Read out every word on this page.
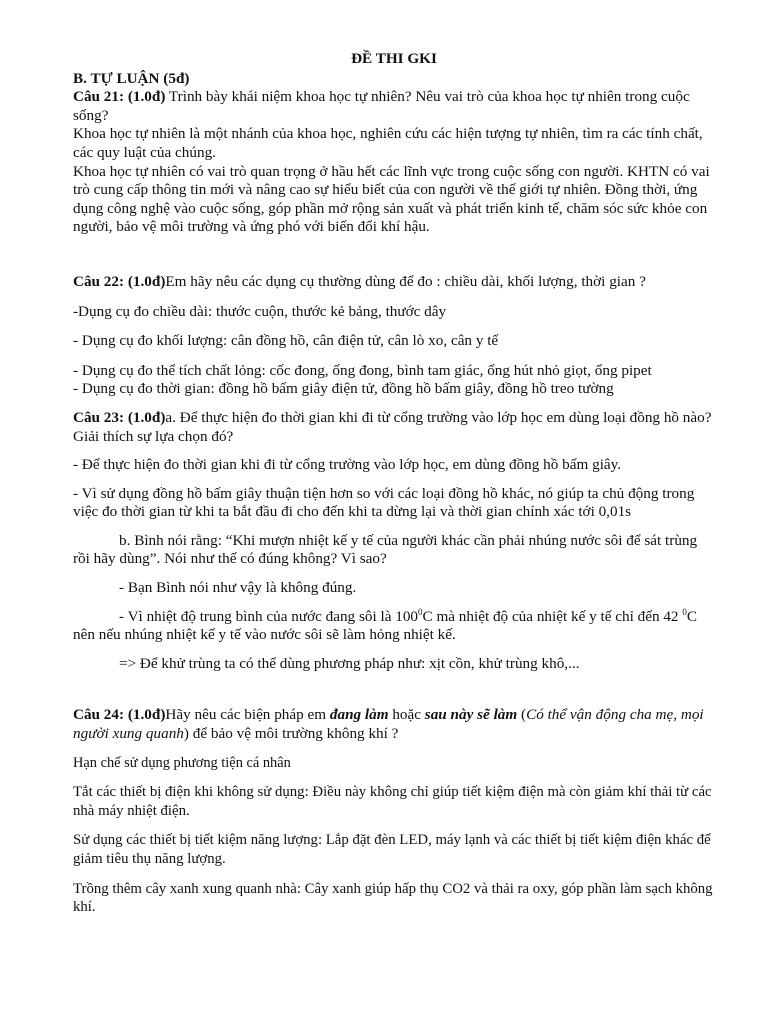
ĐỀ THI GKI

B. TỰ LUẬN (5đ)

Câu 21: (1.0đ) Trình bày khái niệm khoa học tự nhiên? Nêu vai trò của khoa học tự nhiên trong cuộc sống?

Khoa học tự nhiên là một nhánh của khoa học, nghiên cứu các hiện tượng tự nhiên, tìm ra các tính chất, các quy luật của chúng.

Khoa học tự nhiên có vai trò quan trọng ở hầu hết các lĩnh vực trong cuộc sống con người. KHTN có vai trò cung cấp thông tin mới và nâng cao sự hiểu biết của con người về thế giới tự nhiên. Đồng thời, ứng dụng công nghệ vào cuộc sống, góp phần mở rộng sản xuất và phát triển kinh tế, chăm sóc sức khỏe con người, bảo vệ môi trường và ứng phó với biến đổi khí hậu.

Câu 22: (1.0đ)Em hãy nêu các dụng cụ thường dùng để đo : chiều dài, khối lượng, thời gian ?

-Dụng cụ đo chiều dài: thước cuộn, thước kẻ bảng, thước dây

- Dụng cụ đo khối lượng: cân đồng hồ, cân điện tử, cân lò xo, cân y tế

- Dụng cụ đo thể tích chất lỏng: cốc đong, ống đong, bình tam giác, ống hút nhỏ giọt, ống pipet

- Dụng cụ đo thời gian: đồng hồ bấm giây điện tử, đồng hồ bấm giây, đồng hồ treo tường

Câu 23: (1.0đ)a. Để thực hiện đo thời gian khi đi từ cổng trường vào lớp học em dùng loại đồng hồ nào? Giải thích sự lựa chọn đó?

- Để thực hiện đo thời gian khi đi từ cổng trường vào lớp học, em dùng đồng hồ bấm giây.

- Vì sử dụng đồng hồ bấm giây thuận tiện hơn so với các loại đồng hồ khác, nó giúp ta chủ động trong việc đo thời gian từ khi ta bắt đầu đi cho đến khi ta dừng lại và thời gian chính xác tới 0,01s

b. Bình nói rằng: “Khi mượn nhiệt kế y tế của người khác cần phải nhúng nước sôi để sát trùng rồi hãy dùng”. Nói như thế có đúng không? Vì sao?

- Bạn Bình nói như vậy là không đúng.

- Vì nhiệt độ trung bình của nước đang sôi là $100^0C$ mà nhiệt độ của nhiệt kế y tế chỉ đến 42 $^0$C nên nếu nhúng nhiệt kế y tế vào nước sôi sẽ làm hỏng nhiệt kế.

=> Để khử trùng ta có thể dùng phương pháp như: xịt cồn, khử trùng khô,...

Câu 24: (1.0đ)Hãy nêu các biện pháp em đang làm hoặc sau này sẽ làm (Có thể vận động cha mẹ, mọi người xung quanh) để bảo vệ môi trường không khí ?

Hạn chế sử dụng phương tiện cá nhân

Tắt các thiết bị điện khi không sử dụng: Điều này không chỉ giúp tiết kiệm điện mà còn giảm khí thải từ các nhà máy nhiệt điện.

Sử dụng các thiết bị tiết kiệm năng lượng: Lắp đặt đèn LED, máy lạnh và các thiết bị tiết kiệm điện khác để giảm tiêu thụ năng lượng.

Trồng thêm cây xanh xung quanh nhà: Cây xanh giúp hấp thụ CO2 và thải ra oxy, góp phần làm sạch không khí.
